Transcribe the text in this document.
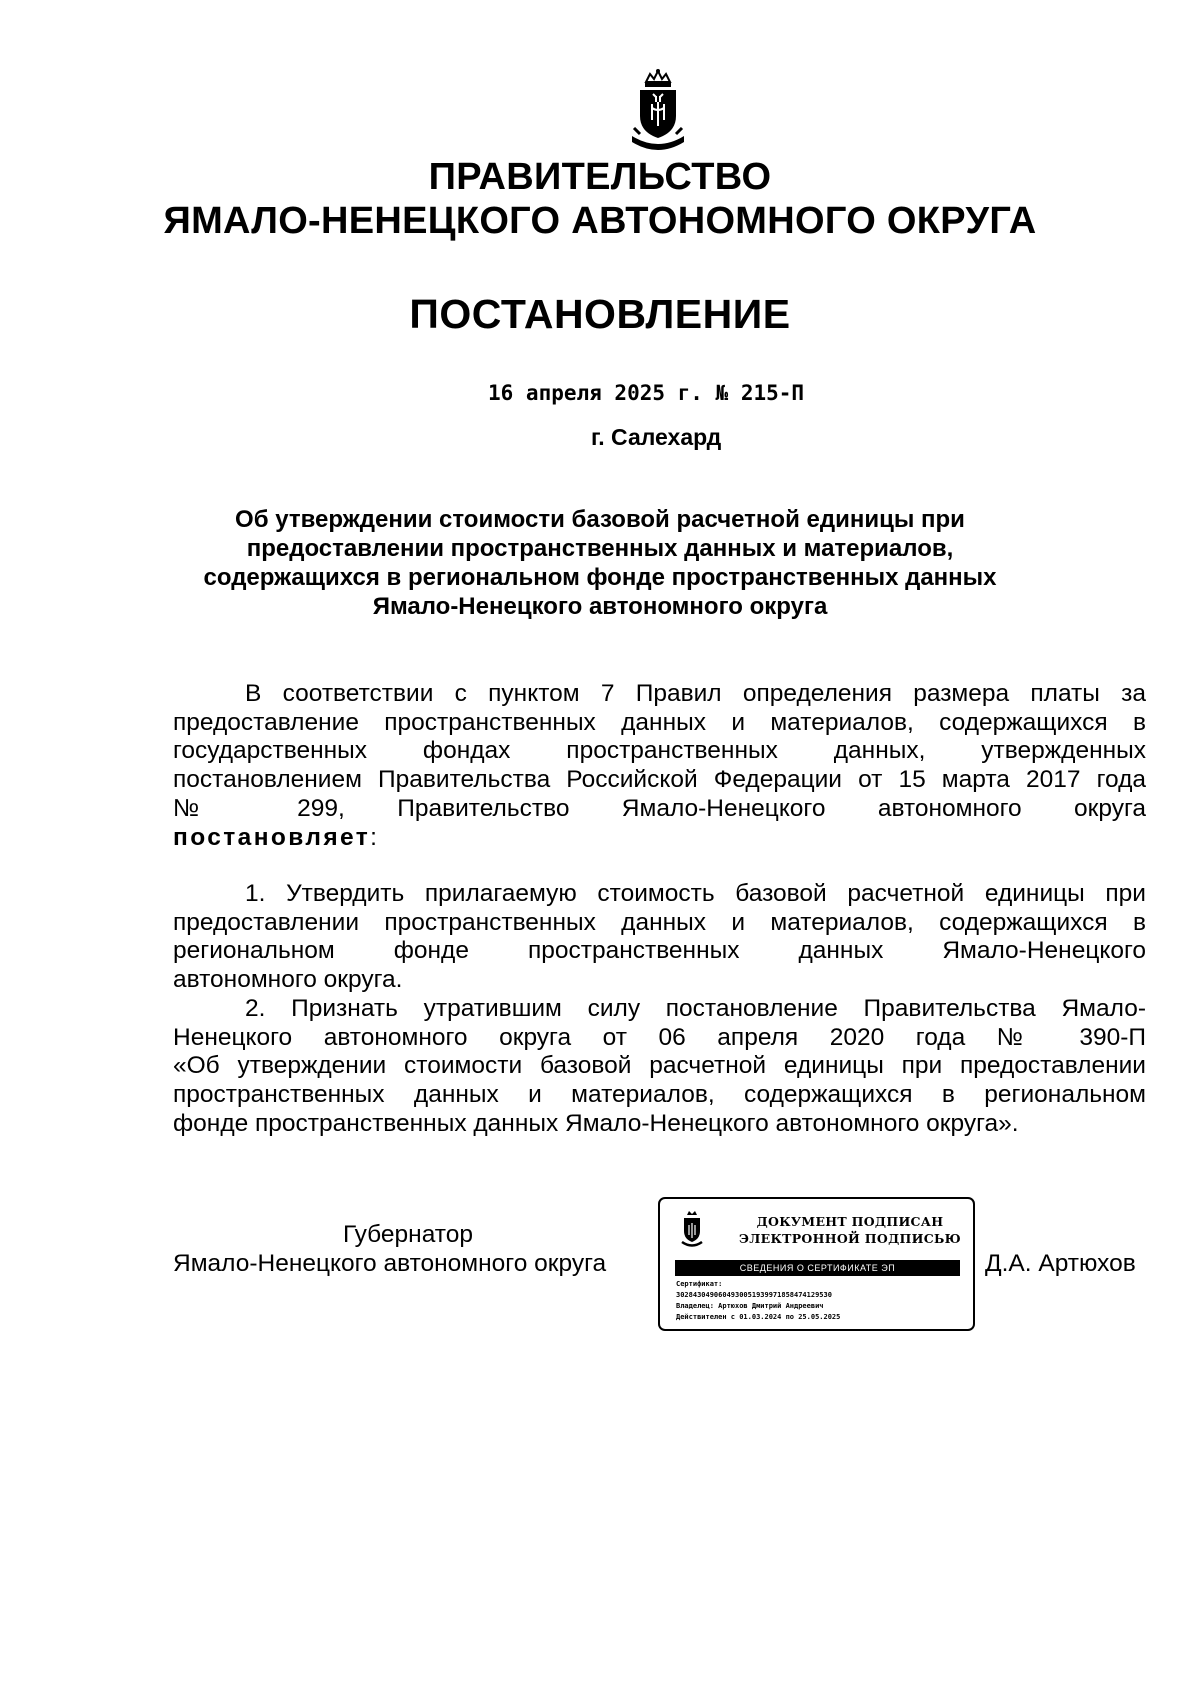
ПРАВИТЕЛЬСТВО
ЯМАЛО-НЕНЕЦКОГО АВТОНОМНОГО ОКРУГА
ПОСТАНОВЛЕНИЕ
16 апреля 2025 г. № 215-П
г. Салехард
Об утверждении стоимости базовой расчетной единицы при
предоставлении пространственных данных и материалов,
содержащихся в региональном фонде пространственных данных
Ямало-Ненецкого автономного округа
В соответствии с пунктом 7 Правил определения размера платы за
предоставление пространственных данных и материалов, содержащихся в
государственных фондах пространственных данных, утвержденных
постановлением Правительства Российской Федерации от 15 марта 2017 года
№ 299, Правительство Ямало-Ненецкого автономного округа
постановляет:
1. Утвердить прилагаемую стоимость базовой расчетной единицы при
предоставлении пространственных данных и материалов, содержащихся в
региональном фонде пространственных данных Ямало-Ненецкого
автономного округа.
2. Признать утратившим силу постановление Правительства Ямало-
Ненецкого автономного округа от 06 апреля 2020 года № 390-П
«Об утверждении стоимости базовой расчетной единицы при предоставлении
пространственных данных и материалов, содержащихся в региональном
фонде пространственных данных Ямало-Ненецкого автономного округа».
Губернатор
Ямало-Ненецкого автономного округа
ДОКУМЕНТ ПОДПИСАН
ЭЛЕКТРОННОЙ ПОДПИСЬЮ
СВЕДЕНИЯ О СЕРТИФИКАТЕ ЭП
Сертификат:
3028430490604930051939971858474129530
Владелец: Артюхов Дмитрий Андреевич
Действителен с 01.03.2024 по 25.05.2025
Д.А. Артюхов
